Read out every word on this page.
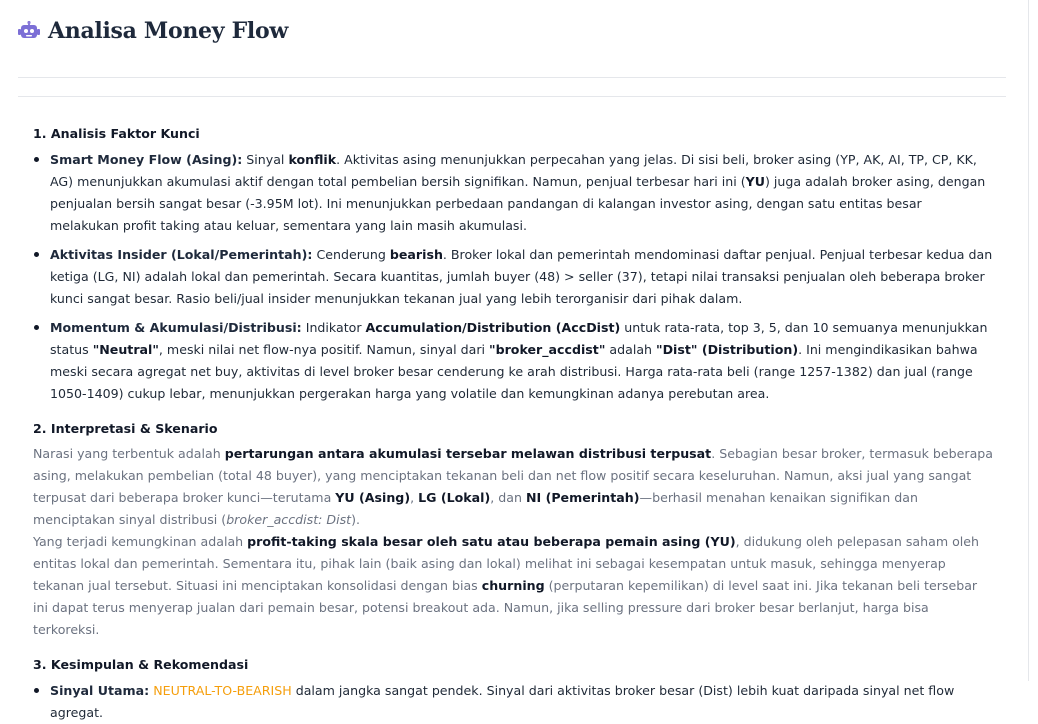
Analisa Money Flow
1. Analisis Faktor Kunci
Smart Money Flow (Asing): Sinyal konflik. Aktivitas asing menunjukkan perpecahan yang jelas. Di sisi beli, broker asing (YP, AK, AI, TP, CP, KK, AG) menunjukkan akumulasi aktif dengan total pembelian bersih signifikan. Namun, penjual terbesar hari ini (YU) juga adalah broker asing, dengan penjualan bersih sangat besar (-3.95M lot). Ini menunjukkan perbedaan pandangan di kalangan investor asing, dengan satu entitas besar melakukan profit taking atau keluar, sementara yang lain masih akumulasi.
Aktivitas Insider (Lokal/Pemerintah): Cenderung bearish. Broker lokal dan pemerintah mendominasi daftar penjual. Penjual terbesar kedua dan ketiga (LG, NI) adalah lokal dan pemerintah. Secara kuantitas, jumlah buyer (48) > seller (37), tetapi nilai transaksi penjualan oleh beberapa broker kunci sangat besar. Rasio beli/jual insider menunjukkan tekanan jual yang lebih terorganisir dari pihak dalam.
Momentum & Akumulasi/Distribusi: Indikator Accumulation/Distribution (AccDist) untuk rata-rata, top 3, 5, dan 10 semuanya menunjukkan status "Neutral", meski nilai net flow-nya positif. Namun, sinyal dari "broker_accdist" adalah "Dist" (Distribution). Ini mengindikasikan bahwa meski secara agregat net buy, aktivitas di level broker besar cenderung ke arah distribusi. Harga rata-rata beli (range 1257-1382) dan jual (range 1050-1409) cukup lebar, menunjukkan pergerakan harga yang volatile dan kemungkinan adanya perebutan area.
2. Interpretasi & Skenario
Narasi yang terbentuk adalah pertarungan antara akumulasi tersebar melawan distribusi terpusat. Sebagian besar broker, termasuk beberapa asing, melakukan pembelian (total 48 buyer), yang menciptakan tekanan beli dan net flow positif secara keseluruhan. Namun, aksi jual yang sangat terpusat dari beberapa broker kunci—terutama YU (Asing), LG (Lokal), dan NI (Pemerintah)—berhasil menahan kenaikan signifikan dan menciptakan sinyal distribusi (broker_accdist: Dist).
Yang terjadi kemungkinan adalah profit-taking skala besar oleh satu atau beberapa pemain asing (YU), didukung oleh pelepasan saham oleh entitas lokal dan pemerintah. Sementara itu, pihak lain (baik asing dan lokal) melihat ini sebagai kesempatan untuk masuk, sehingga menyerap tekanan jual tersebut. Situasi ini menciptakan konsolidasi dengan bias churning (perputaran kepemilikan) di level saat ini. Jika tekanan beli tersebar ini dapat terus menyerap jualan dari pemain besar, potensi breakout ada. Namun, jika selling pressure dari broker besar berlanjut, harga bisa terkoreksi.
3. Kesimpulan & Rekomendasi
Sinyal Utama: NEUTRAL-TO-BEARISH dalam jangka sangat pendek. Sinyal dari aktivitas broker besar (Dist) lebih kuat daripada sinyal net flow agregat.
